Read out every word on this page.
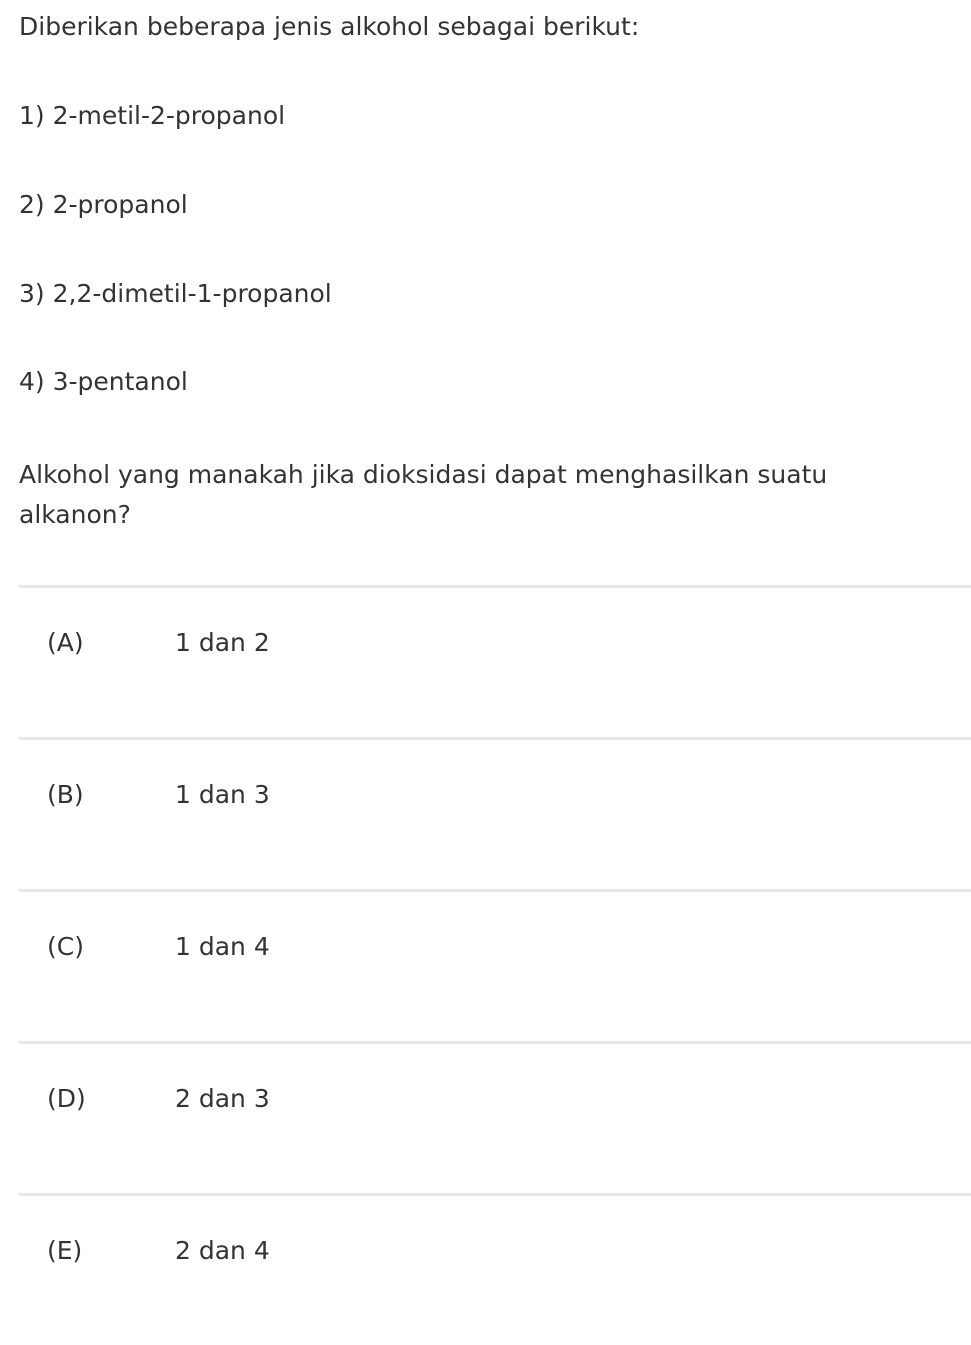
Diberikan beberapa jenis alkohol sebagai berikut:
1) 2-metil-2-propanol
2) 2-propanol
3) 2,2-dimetil-1-propanol
4) 3-pentanol
Alkohol yang manakah jika dioksidasi dapat menghasilkan suatu alkanon?
(A)	1 dan 2
(B)	1 dan 3
(C)	1 dan 4
(D)	2 dan 3
(E)	2 dan 4
